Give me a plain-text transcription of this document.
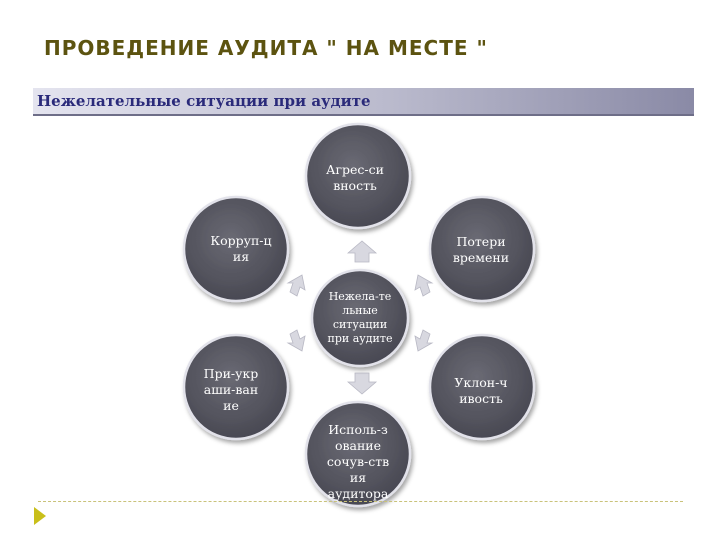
ПРОВЕДЕНИЕ АУДИТА " НА МЕСТЕ "
Нежелательные ситуации при аудите
Нежела-те
льные
ситуации
при аудите
Агрес-си
вность
Потери
времени
Уклон-ч
ивость
Исполь-з
ование
сочув-ств
ия
аудитора
При-укр
аши-ван
ие
Корруп-ц
ия
